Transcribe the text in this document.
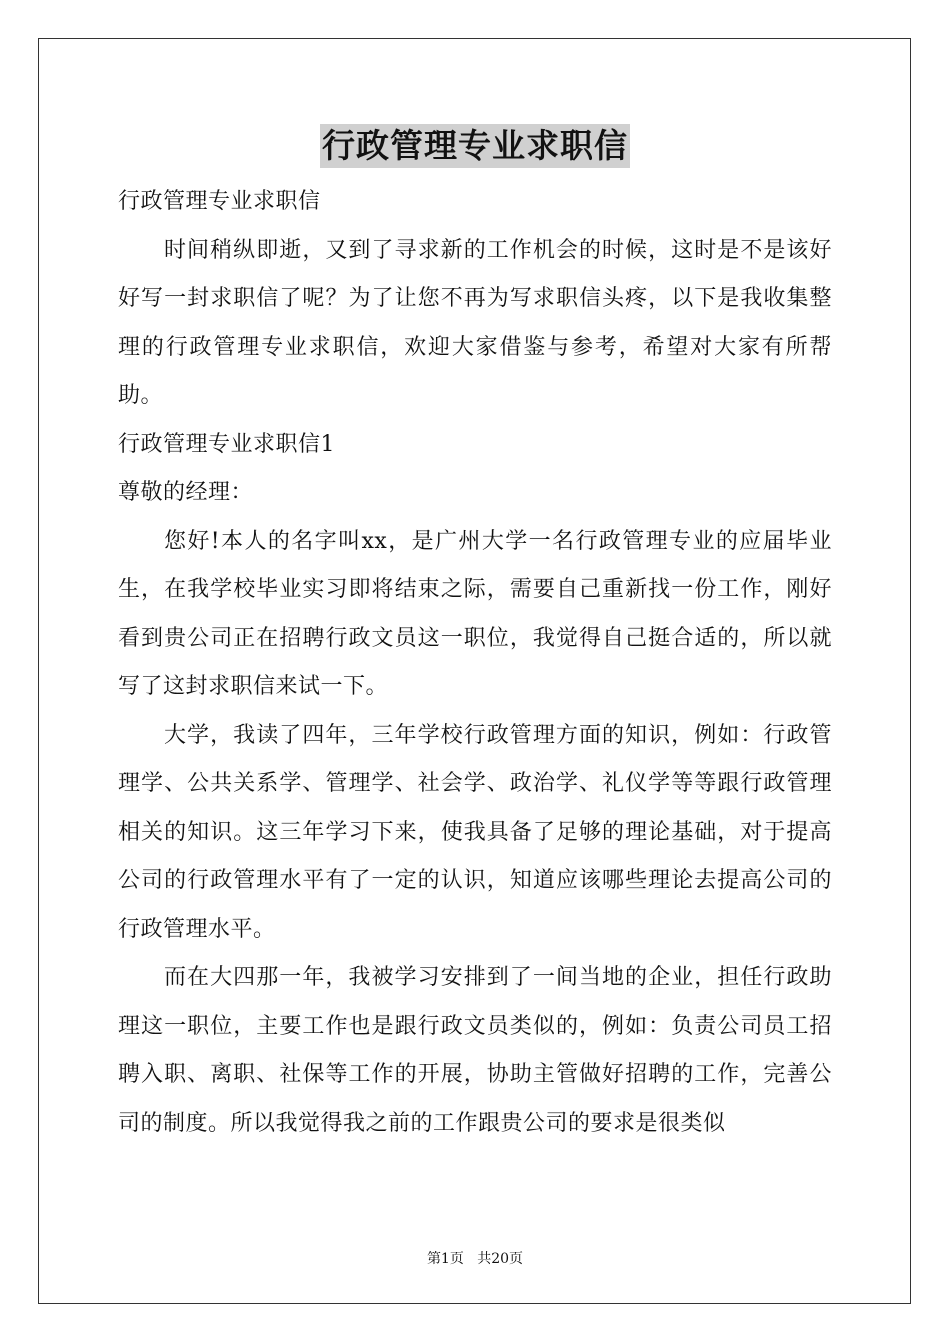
行政管理专业求职信

行政管理专业求职信

时间稍纵即逝，又到了寻求新的工作机会的时候，这时是不是该好好写一封求职信了呢？为了让您不再为写求职信头疼，以下是我收集整理的行政管理专业求职信，欢迎大家借鉴与参考，希望对大家有所帮助。

行政管理专业求职信1

尊敬的经理：

您好!本人的名字叫xx，是广州大学一名行政管理专业的应届毕业生，在我学校毕业实习即将结束之际，需要自己重新找一份工作，刚好看到贵公司正在招聘行政文员这一职位，我觉得自己挺合适的，所以就写了这封求职信来试一下。

大学，我读了四年，三年学校行政管理方面的知识，例如：行政管理学、公共关系学、管理学、社会学、政治学、礼仪学等等跟行政管理相关的知识。这三年学习下来，使我具备了足够的理论基础，对于提高公司的行政管理水平有了一定的认识，知道应该哪些理论去提高公司的行政管理水平。

而在大四那一年，我被学习安排到了一间当地的企业，担任行政助理这一职位，主要工作也是跟行政文员类似的，例如：负责公司员工招聘入职、离职、社保等工作的开展，协助主管做好招聘的工作，完善公司的制度。所以我觉得我之前的工作跟贵公司的要求是很类似

第1页 共20页
